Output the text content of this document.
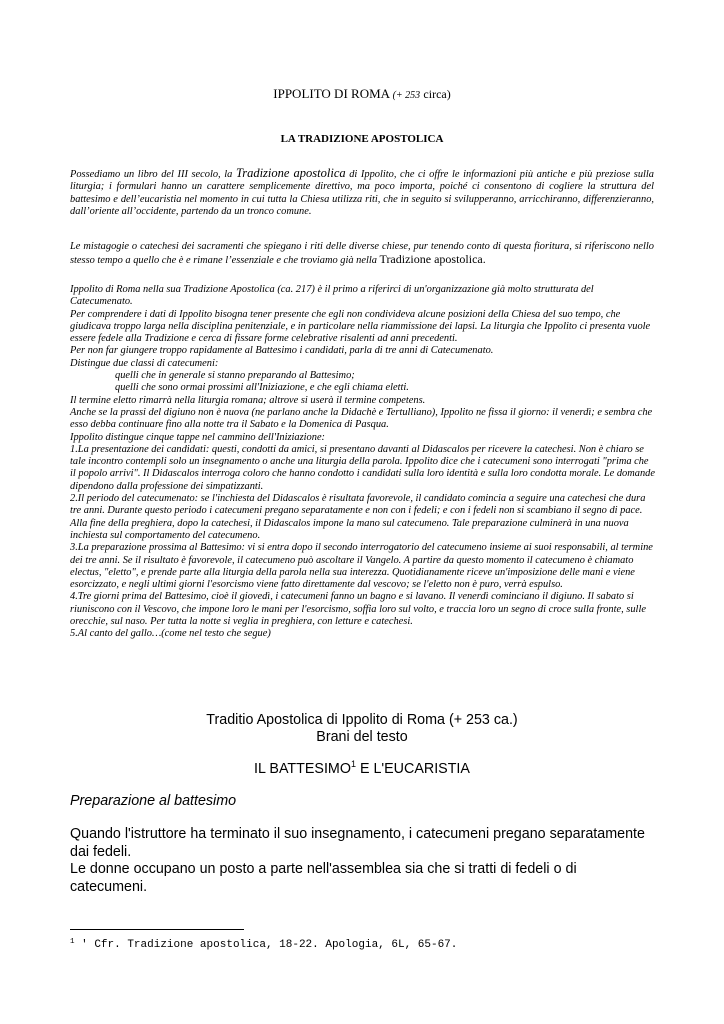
IPPOLITO DI ROMA (+ 253 circa)
LA TRADIZIONE APOSTOLICA
Possediamo un libro del III secolo, la Tradizione apostolica di Ippolito, che ci offre le informazioni più antiche e più preziose sulla liturgia; i formulari hanno un carattere semplicemente direttivo, ma poco importa, poiché ci consentono di cogliere la struttura del battesimo e dell’eucaristia nel momento in cui tutta la Chiesa utilizza riti, che in seguito si svilupperanno, arricchiranno, differenzieranno, dall’oriente all’occidente, partendo da un tronco comune.
Le mistagogie o catechesi dei sacramenti che spiegano i riti delle diverse chiese, pur tenendo conto di questa fioritura, si riferiscono nello stesso tempo a quello che è e rimane l’essenziale e che troviamo già nella Tradizione apostolica.

Ippolito di Roma nella sua Tradizione Apostolica (ca. 217) è il primo a riferirci di un'organizzazione già molto strutturata del Catecumenato.

Per comprendere i dati di Ippolito bisogna tener presente che egli non condivideva alcune posizioni della Chiesa del suo tempo, che giudicava troppo larga nella disciplina penitenziale, e in particolare nella riammissione dei lapsi. La liturgia che Ippolito ci presenta vuole essere fedele alla Tradizione e cerca di fissare forme celebrative risalenti ad anni precedenti.

Per non far giungere troppo rapidamente al Battesimo i candidati, parla di tre anni di Catecumenato.

Distingue due classi di catecumeni:

quelli che in generale si stanno preparando al Battesimo;

quelli che sono ormai prossimi all'Iniziazione, e che egli chiama eletti.

Il termine eletto rimarrà nella liturgia romana; altrove si userà il termine competens.

Anche se la prassi del digiuno non è nuova (ne parlano anche la Didachè e Tertulliano), Ippolito ne fissa il giorno: il venerdì; e sembra che esso debba continuare fino alla notte tra il Sabato e la Domenica di Pasqua.

Ippolito distingue cinque tappe nel cammino dell'Iniziazione:

1.La presentazione dei candidati: questi, condotti da amici, si presentano davanti al Didascalos per ricevere la catechesi. Non è chiaro se tale incontro contempli solo un insegnamento o anche una liturgia della parola. Ippolito dice che i catecumeni sono interrogati "prima che il popolo arrivi". Il Didascalos interroga coloro che hanno condotto i candidati sulla loro identità e sulla loro condotta morale. Le domande dipendono dalla professione dei simpatizzanti.

2.Il periodo del catecumenato: se l'inchiesta del Didascalos è risultata favorevole, il candidato comincia a seguire una catechesi che dura tre anni. Durante questo periodo i catecumeni pregano separatamente e non con i fedeli; e con i fedeli non si scambiano il segno di pace. Alla fine della preghiera, dopo la catechesi, il Didascalos impone la mano sul catecumeno. Tale preparazione culminerà in una nuova inchiesta sul comportamento del catecumeno.

3.La preparazione prossima al Battesimo: vi si entra dopo il secondo interrogatorio del catecumeno insieme ai suoi responsabili, al termine dei tre anni. Se il risultato è favorevole, il catecumeno può ascoltare il Vangelo. A partire da questo momento il catecumeno è chiamato electus, "eletto", e prende parte alla liturgia della parola nella sua interezza. Quotidianamente riceve un'imposizione delle mani e viene esorcizzato, e negli ultimi giorni l'esorcismo viene fatto direttamente dal vescovo; se l'eletto non è puro, verrà espulso.

4.Tre giorni prima del Battesimo, cioè il giovedì, i catecumeni fanno un bagno e si lavano. Il venerdì cominciano il digiuno. Il sabato si riuniscono con il Vescovo, che impone loro le mani per l'esorcismo, soffia loro sul volto, e traccia loro un segno di croce sulla fronte, sulle orecchie, sul naso. Per tutta la notte si veglia in preghiera, con letture e catechesi.

5.Al canto del gallo…(come nel testo che segue)

Traditio Apostolica di Ippolito di Roma (+ 253 ca.)
Brani del testo
IL BATTESIMO$^1$ E L'EUCARISTIA
Preparazione al battesimo

Quando l'istruttore ha terminato il suo insegnamento, i catecumeni pregano separatamente dai fedeli.

Le donne occupano un posto a parte nell'assemblea sia che si tratti di fedeli o di catecumeni.

$^1$ ' Cfr. Tradizione apostolica, 18-22. Apologia, 6L, 65-67.
